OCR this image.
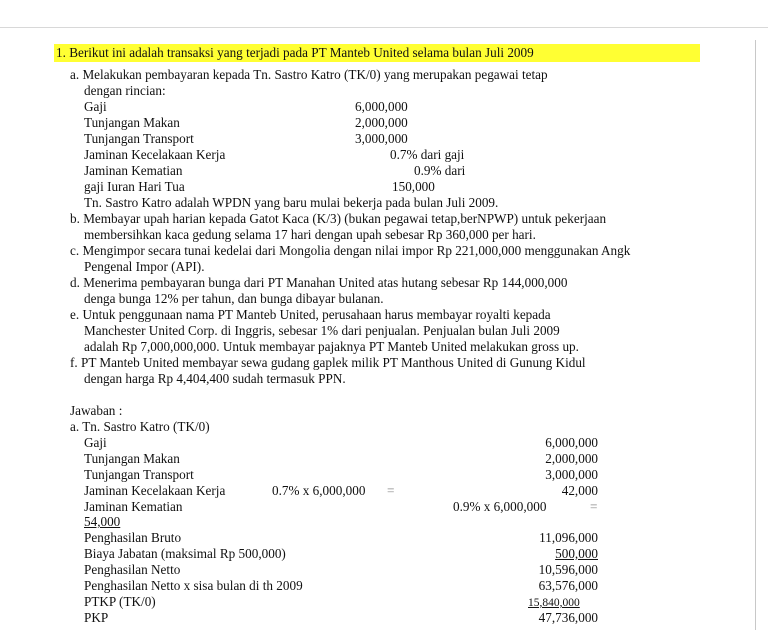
1. Berikut ini adalah transaksi yang terjadi pada PT Manteb United selama bulan Juli 2009
a. Melakukan pembayaran kepada Tn. Sastro Katro (TK/0) yang merupakan pegawai tetap
dengan rincian:
Gaji	6,000,000
Tunjangan Makan	2,000,000
Tunjangan Transport	3,000,000
Jaminan Kecelakaan Kerja	0.7% dari gaji
Jaminan Kematian	0.9% dari
gaji Iuran Hari Tua	150,000
Tn. Sastro Katro adalah WPDN yang baru mulai bekerja pada bulan Juli 2009.
b. Membayar upah harian kepada Gatot Kaca (K/3) (bukan pegawai tetap,berNPWP) untuk pekerjaan
membersihkan kaca gedung selama 17 hari dengan upah sebesar Rp 360,000 per hari.
c. Mengimpor secara tunai kedelai dari Mongolia dengan nilai impor Rp 221,000,000 menggunakan Angk
Pengenal Impor (API).
d. Menerima pembayaran bunga dari PT Manahan United atas hutang sebesar Rp 144,000,000
denga bunga 12% per tahun, dan bunga dibayar bulanan.
e. Untuk penggunaan nama PT Manteb United, perusahaan harus membayar royalti kepada
Manchester United Corp. di Inggris, sebesar 1% dari penjualan. Penjualan bulan Juli 2009
adalah Rp 7,000,000,000. Untuk membayar pajaknya PT Manteb United melakukan gross up.
f. PT Manteb United membayar sewa gudang gaplek milik PT Manthous United di Gunung Kidul
dengan harga Rp 4,404,400 sudah termasuk PPN.
Jawaban :
a. Tn. Sastro Katro (TK/0)
Gaji	6,000,000
Tunjangan Makan	2,000,000
Tunjangan Transport	3,000,000
Jaminan Kecelakaan Kerja	0.7% x 6,000,000 =	42,000
Jaminan Kematian	0.9% x 6,000,000	=
54,000
Penghasilan Bruto	11,096,000
Biaya Jabatan (maksimal Rp 500,000)	500,000
Penghasilan Netto	10,596,000
Penghasilan Netto x sisa bulan di th 2009	63,576,000
PTKP (TK/0)	15,840,000
PKP	47,736,000
